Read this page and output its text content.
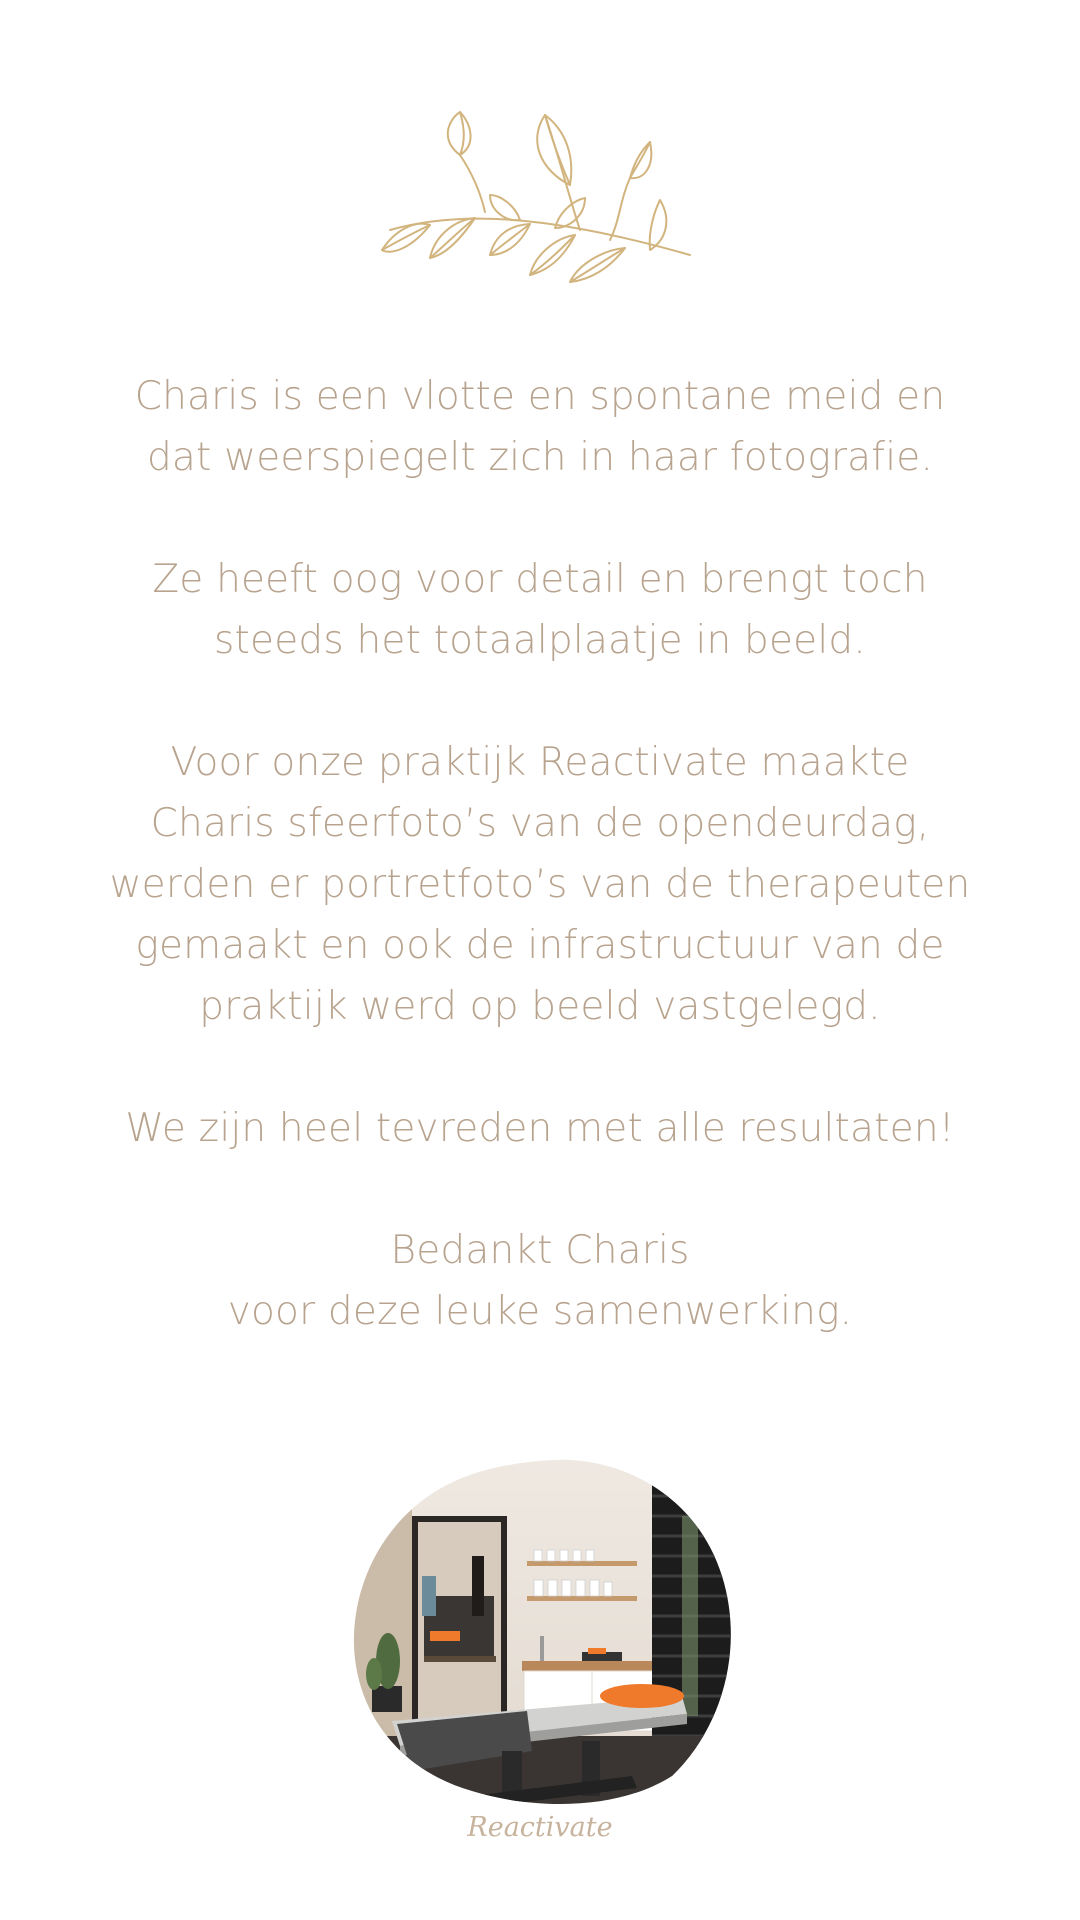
Charis is een vlotte en spontane meid en
dat weerspiegelt zich in haar fotografie.

Ze heeft oog voor detail en brengt toch
steeds het totaalplaatje in beeld.

Voor onze praktijk Reactivate maakte
Charis sfeerfoto’s van de opendeurdag,
werden er portretfoto’s van de therapeuten
gemaakt en ook de infrastructuur van de
praktijk werd op beeld vastgelegd.

We zijn heel tevreden met alle resultaten!

Bedankt Charis
voor deze leuke samenwerking.

Reactivate
